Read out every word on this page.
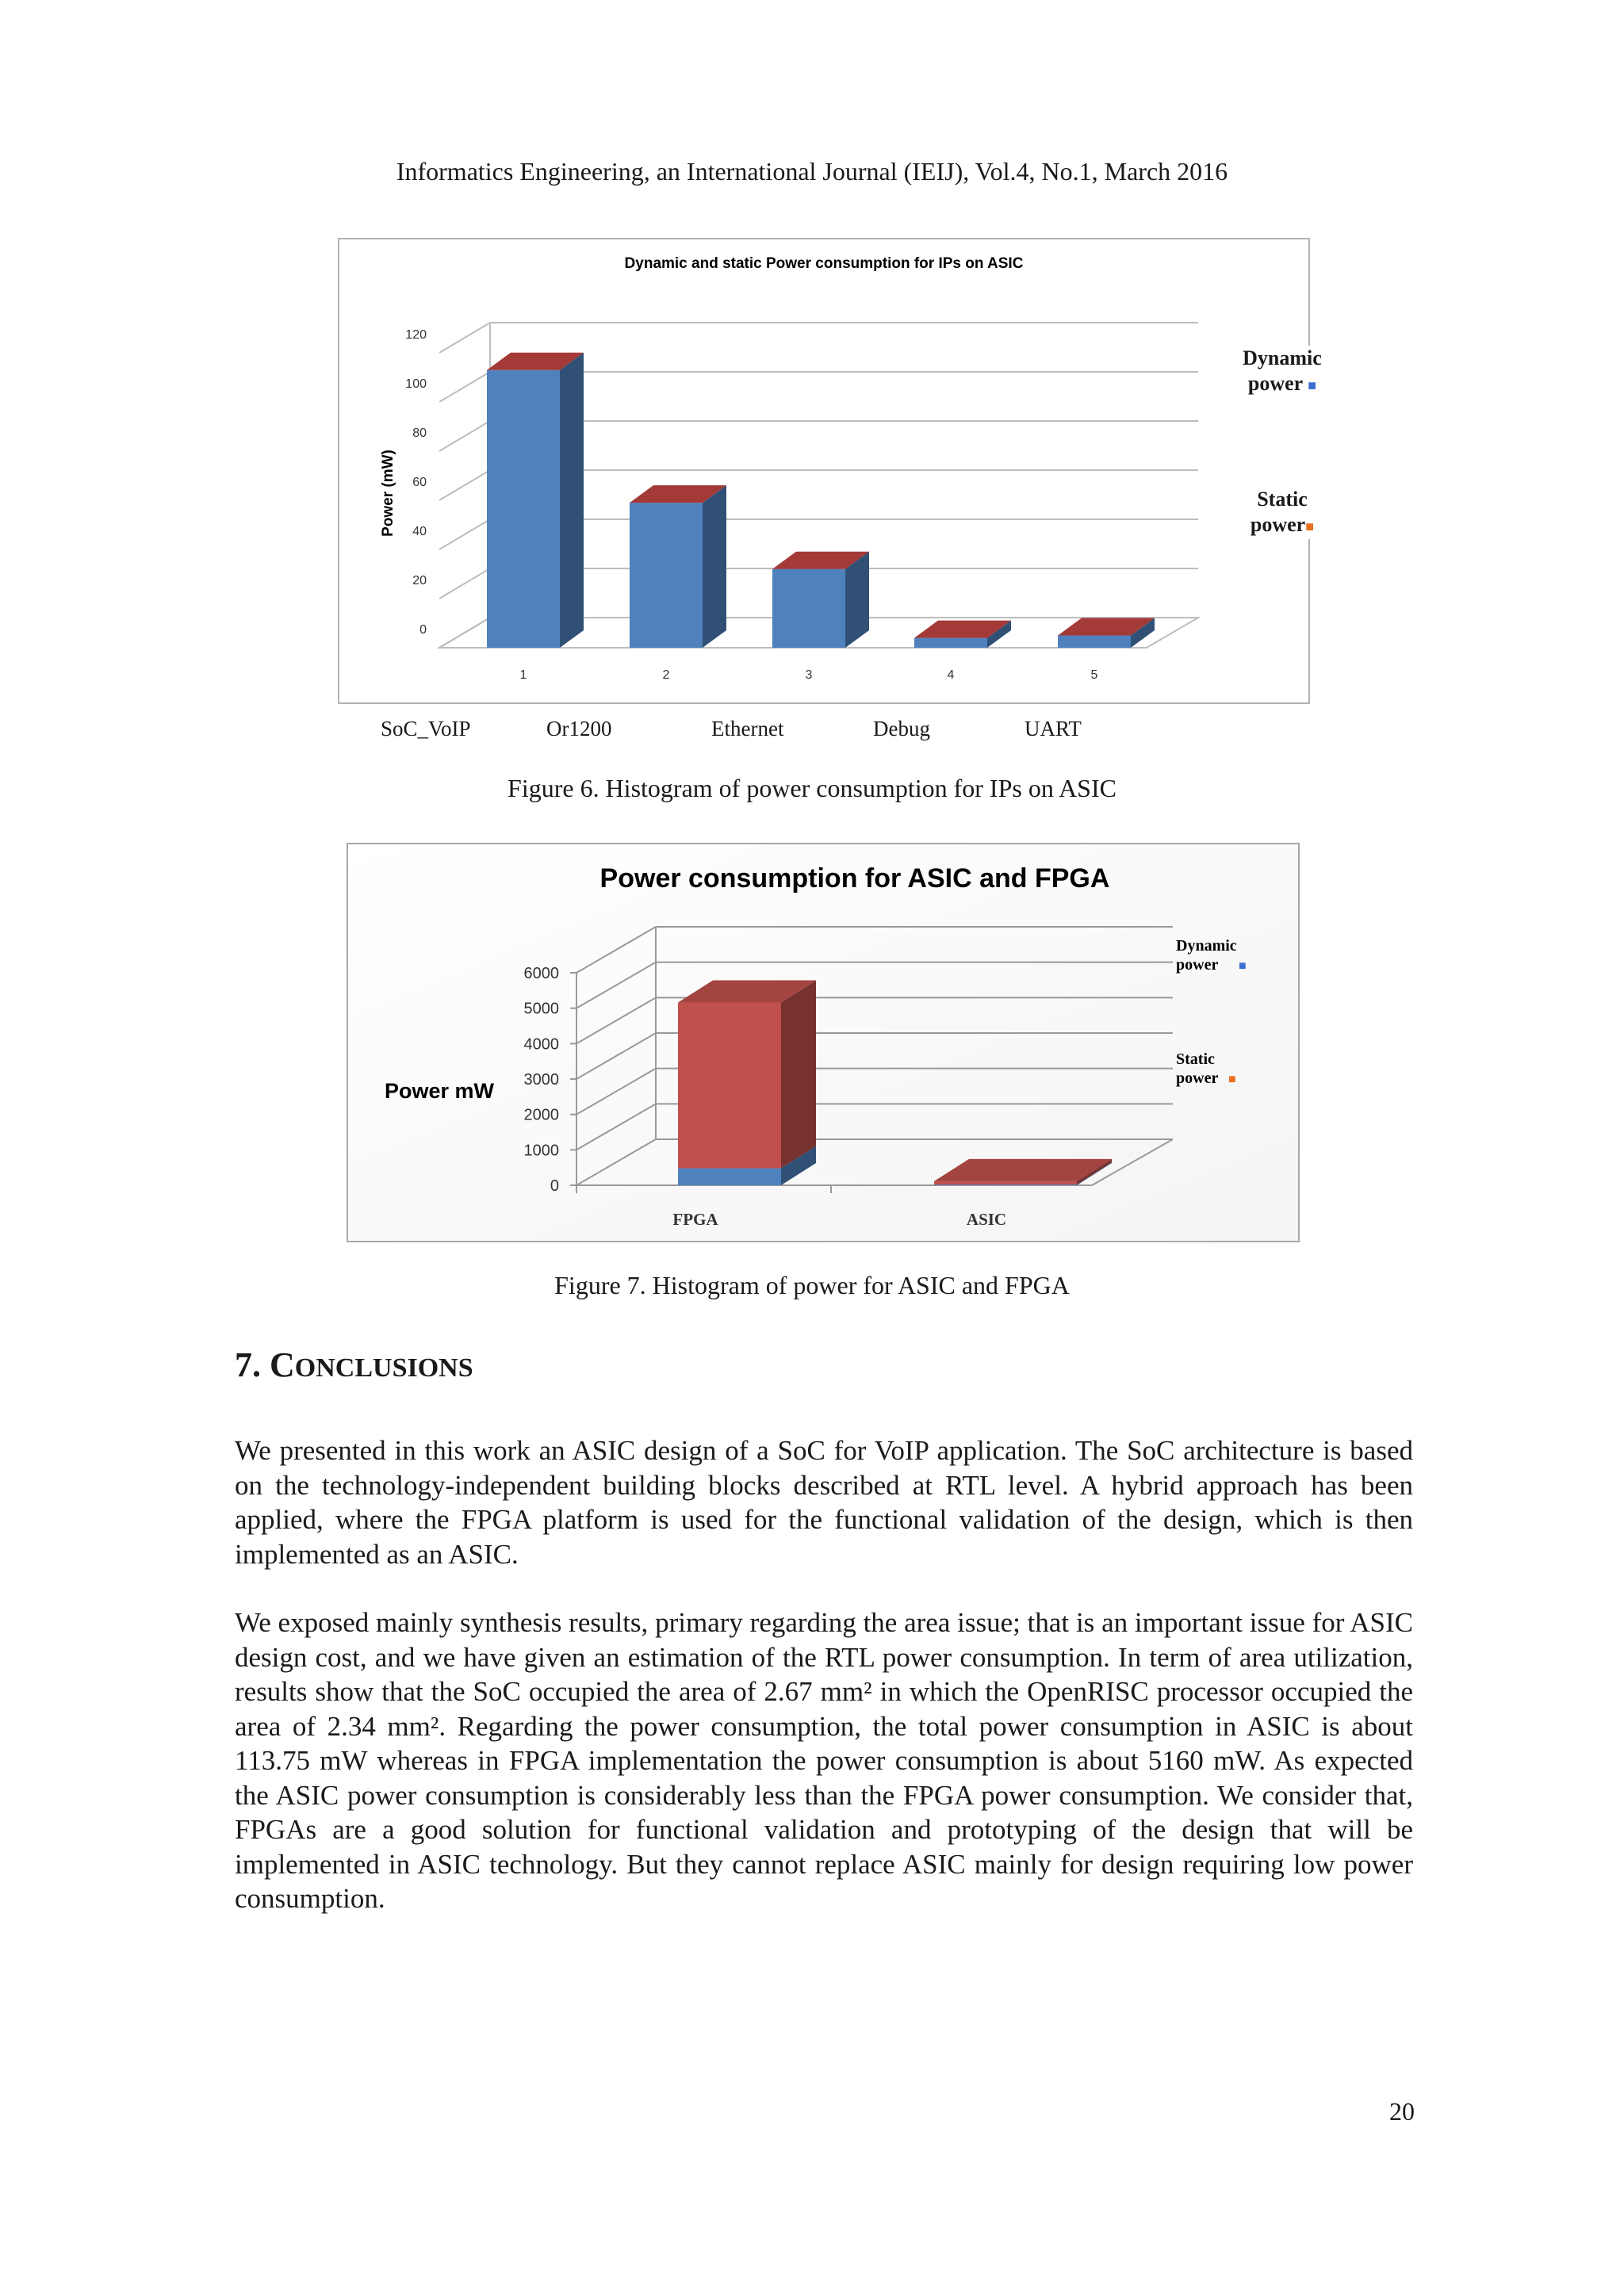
Informatics Engineering, an International Journal (IEIJ), Vol.4, No.1, March 2016
Dynamic and static Power consumption for IPs on ASIC
Power (mW)
0
20
40
60
80
100
120
1	2	3	4	5
Dynamic
power ■
Static
power■
SoC_VoIP	Or1200	Ethernet	Debug	UART
Figure 6. Histogram of power consumption for IPs on ASIC
Power consumption for ASIC and FPGA
Power mW
0
1000
2000
3000
4000
5000
6000
FPGA	ASIC
Dynamic
power ■
Static
power ■
Figure 7. Histogram of power for ASIC and FPGA
7. CONCLUSIONS

We presented in this work an ASIC design of a SoC for VoIP application. The SoC architecture is based on the technology-independent building blocks described at RTL level. A hybrid approach has been applied, where the FPGA platform is used for the functional validation of the design, which is then implemented as an ASIC.

We exposed mainly synthesis results, primary regarding the area issue; that is an important issue for ASIC design cost, and we have given an estimation of the RTL power consumption. In term of area utilization, results show that the SoC occupied the area of 2.67 mm² in which the OpenRISC processor occupied the area of 2.34 mm². Regarding the power consumption, the total power consumption in ASIC is about 113.75 mW whereas in FPGA implementation the power consumption is about 5160 mW. As expected the ASIC power consumption is considerably less than the FPGA power consumption. We consider that, FPGAs are a good solution for functional validation and prototyping of the design that will be implemented in ASIC technology. But they cannot replace ASIC mainly for design requiring low power consumption.

20
